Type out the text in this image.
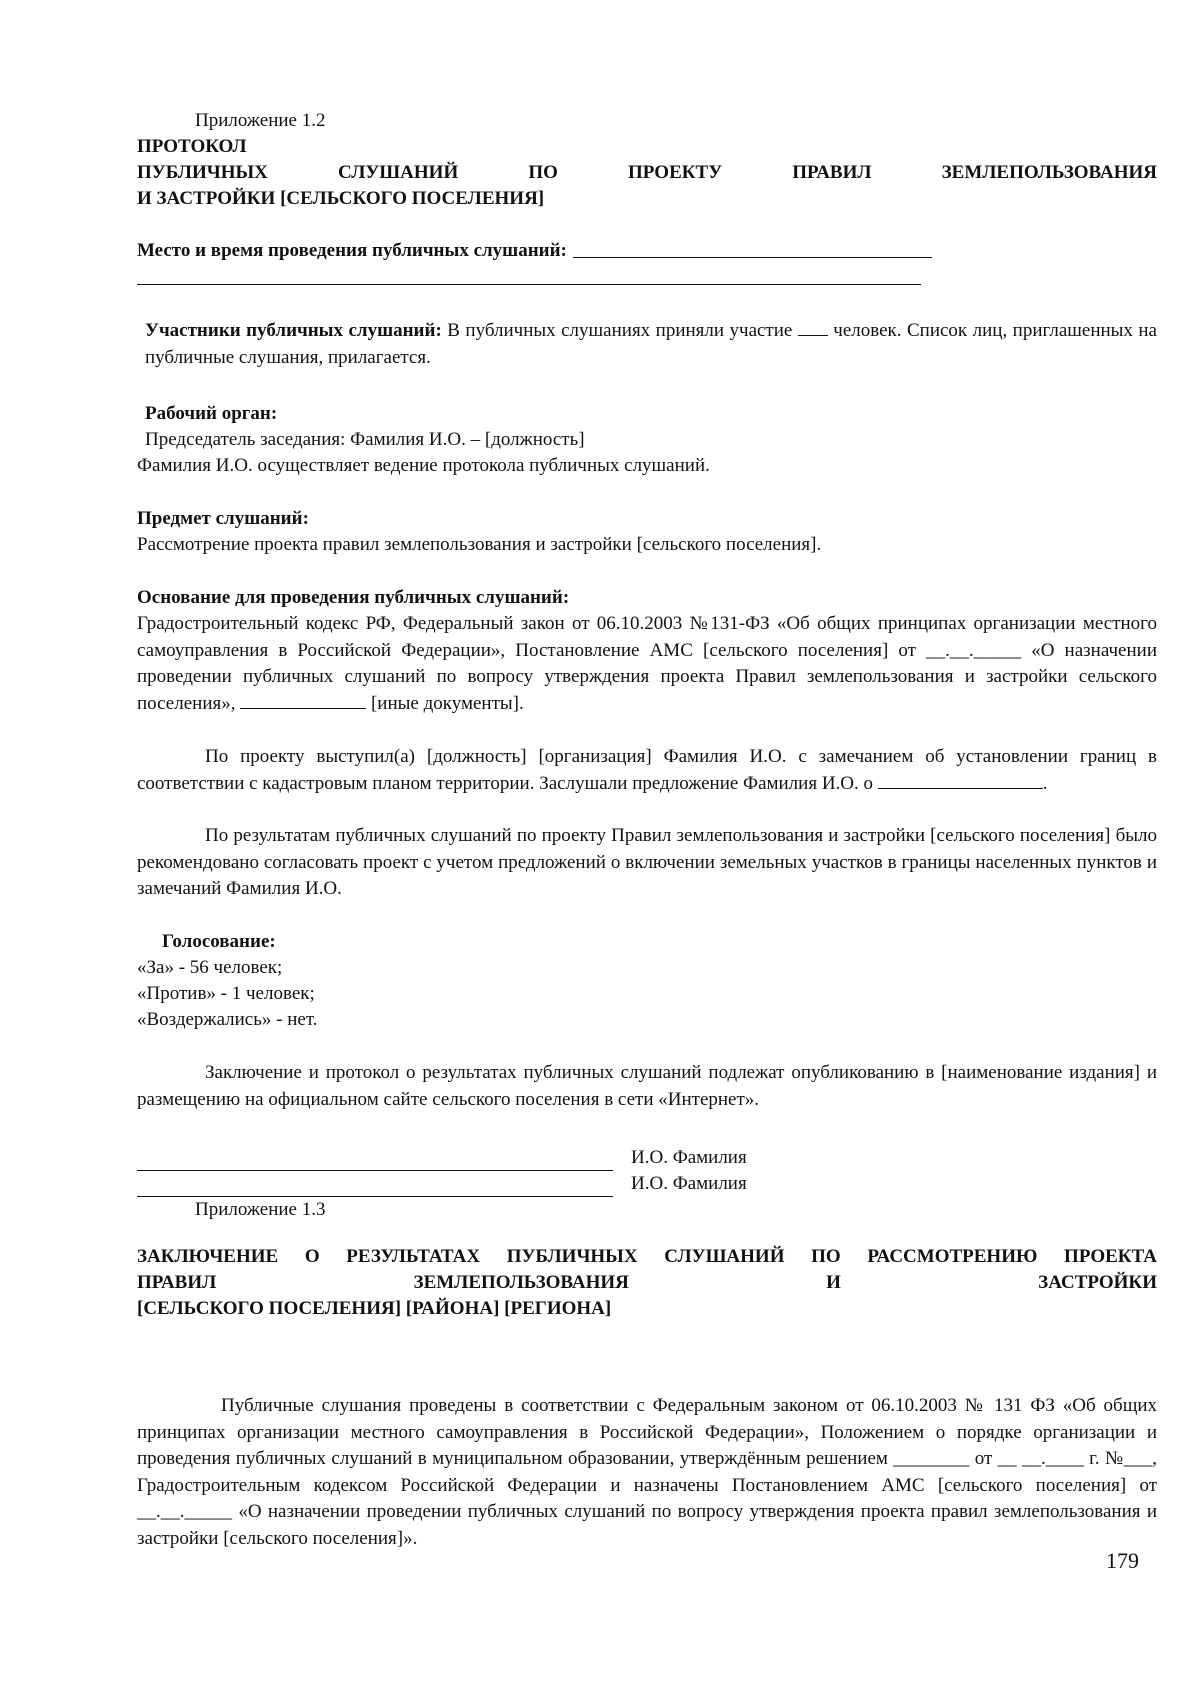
Приложение 1.2
ПРОТОКОЛ
ПУБЛИЧНЫХ СЛУШАНИЙ ПО ПРОЕКТУ ПРАВИЛ ЗЕМЛЕПОЛЬЗОВАНИЯ
И ЗАСТРОЙКИ [СЕЛЬСКОГО ПОСЕЛЕНИЯ]
Место и время проведения публичных слушаний:
Участники публичных слушаний: В публичных слушаниях приняли участие человек. Список лиц, приглашенных на публичные слушания, прилагается.
Рабочий орган:
Председатель заседания: Фамилия И.О. – [должность]
Фамилия И.О. осуществляет ведение протокола публичных слушаний.
Предмет слушаний:
Рассмотрение проекта правил землепользования и застройки [сельского поселения].
Основание для проведения публичных слушаний:
Градостроительный кодекс РФ, Федеральный закон от 06.10.2003 №131-ФЗ «Об общих принципах организации местного самоуправления в Российской Федерации», Постановление АМС [сельского поселения] от __.__._____ «О назначении проведении публичных слушаний по вопросу утверждения проекта Правил землепользования и застройки сельского поселения»,	[иные документы].
По проекту выступил(а) [должность] [организация] Фамилия И.О. с замечанием об установлении границ в соответствии с кадастровым планом территории. Заслушали предложение Фамилия И.О. о	.
По результатам публичных слушаний по проекту Правил землепользования и застройки [сельского поселения] было рекомендовано согласовать проект с учетом предложений о включении земельных участков в границы населенных пунктов и замечаний Фамилия И.О.
Голосование:
«За» - 56 человек;
«Против» - 1 человек;
«Воздержались» - нет.
Заключение и протокол о результатах публичных слушаний подлежат опубликованию в [наименование издания] и размещению на официальном сайте сельского поселения в сети «Интернет».
И.О. Фамилия
И.О. Фамилия
Приложение 1.3
ЗАКЛЮЧЕНИЕ О РЕЗУЛЬТАТАХ ПУБЛИЧНЫХ СЛУШАНИЙ ПО РАССМОТРЕНИЮ ПРОЕКТА
ПРАВИЛ ЗЕМЛЕПОЛЬЗОВАНИЯ И ЗАСТРОЙКИ
[СЕЛЬСКОГО ПОСЕЛЕНИЯ] [РАЙОНА] [РЕГИОНА]
Публичные слушания проведены в соответствии с Федеральным законом от 06.10.2003 № 131 ФЗ «Об общих принципах организации местного самоуправления в Российской Федерации», Положением о порядке организации и проведения публичных слушаний в муниципальном образовании, утверждённым решением ________ от __ __.____ г. №___, Градостроительным кодексом Российской Федерации и назначены Постановлением АМС [сельского поселения] от __.__._____ «О назначении проведении публичных слушаний по вопросу утверждения проекта правил землепользования и застройки [сельского поселения]».
179
